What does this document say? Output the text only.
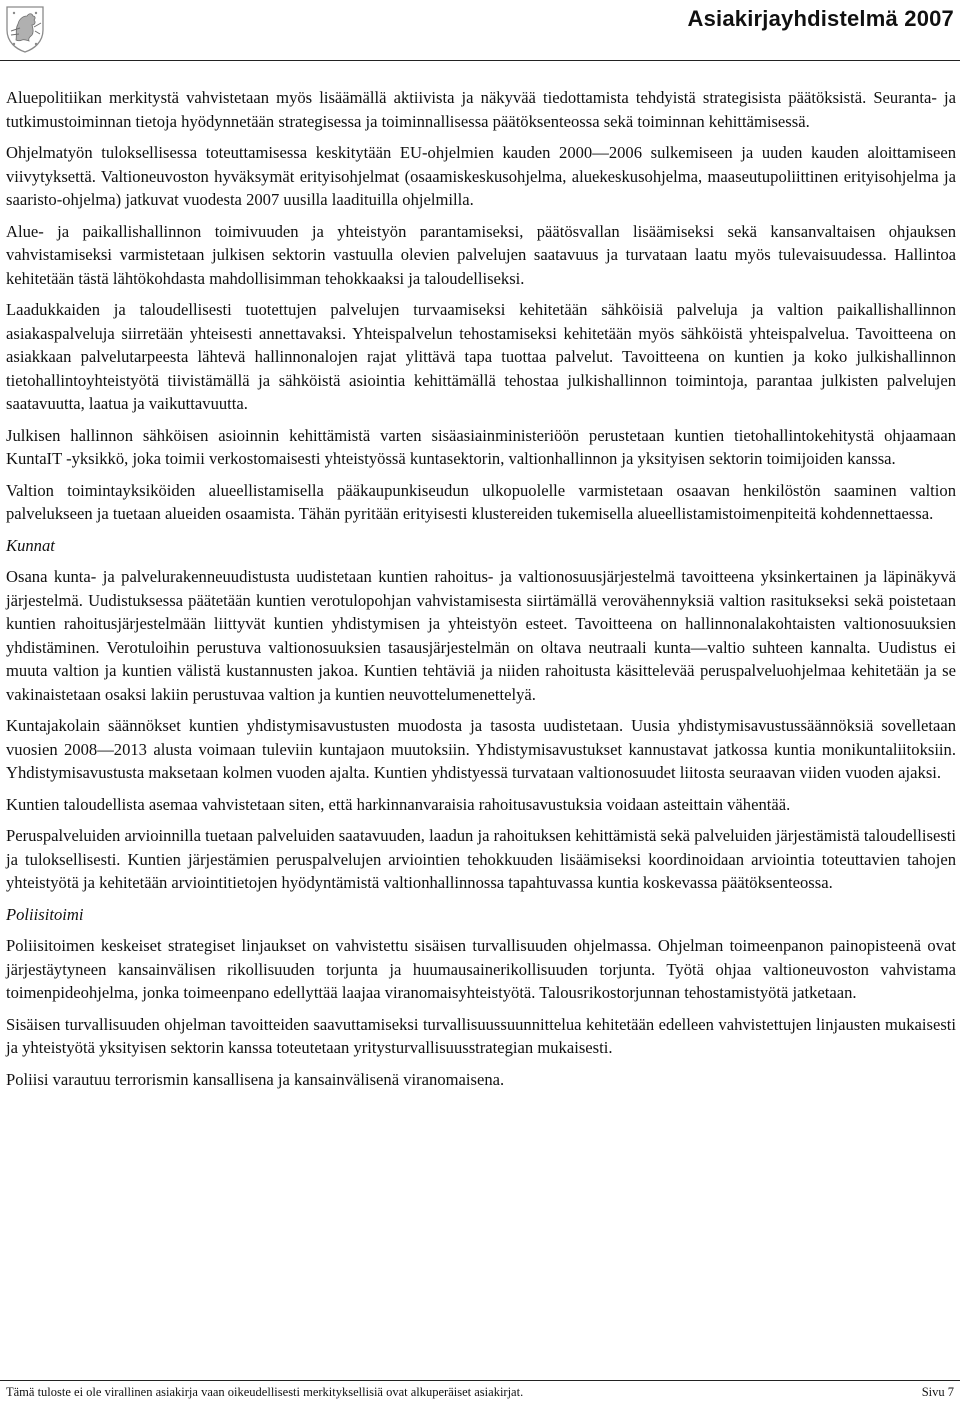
Asiakirjayhdistelmä 2007

Aluepolitiikan merkitystä vahvistetaan myös lisäämällä aktiivista ja näkyvää tiedottamista tehdyistä strategisista päätöksistä. Seuranta- ja tutkimustoiminnan tietoja hyödynnetään strategisessa ja toiminnallisessa päätöksenteossa sekä toiminnan kehittämisessä.

Ohjelmatyön tuloksellisessa toteuttamisessa keskitytään EU-ohjelmien kauden 2000—2006 sulkemiseen ja uuden kauden aloittamiseen viivytyksettä. Valtioneuvoston hyväksymät erityisohjelmat (osaamiskeskusohjelma, aluekeskusohjelma, maaseutupoliittinen erityisohjelma ja saaristo-ohjelma) jatkuvat vuodesta 2007 uusilla laadituilla ohjelmilla.

Alue- ja paikallishallinnon toimivuuden ja yhteistyön parantamiseksi, päätösvallan lisäämiseksi sekä kansanvaltaisen ohjauksen vahvistamiseksi varmistetaan julkisen sektorin vastuulla olevien palvelujen saatavuus ja turvataan laatu myös tulevaisuudessa. Hallintoa kehitetään tästä lähtökohdasta mahdollisimman tehokkaaksi ja taloudelliseksi.

Laadukkaiden ja taloudellisesti tuotettujen palvelujen turvaamiseksi kehitetään sähköisiä palveluja ja valtion paikallishallinnon asiakaspalveluja siirretään yhteisesti annettavaksi. Yhteispalvelun tehostamiseksi kehitetään myös sähköistä yhteispalvelua. Tavoitteena on asiakkaan palvelutarpeesta lähtevä hallinnonalojen rajat ylittävä tapa tuottaa palvelut. Tavoitteena on kuntien ja koko julkishallinnon tietohallintoyhteistyötä tiivistämällä ja sähköistä asiointia kehittämällä tehostaa julkishallinnon toimintoja, parantaa julkisten palvelujen saatavuutta, laatua ja vaikuttavuutta.

Julkisen hallinnon sähköisen asioinnin kehittämistä varten sisäasiainministeriöön perustetaan kuntien tietohallintokehitystä ohjaamaan KuntaIT -yksikkö, joka toimii verkostomaisesti yhteistyössä kuntasektorin, valtionhallinnon ja yksityisen sektorin toimijoiden kanssa.

Valtion toimintayksiköiden alueellistamisella pääkaupunkiseudun ulkopuolelle varmistetaan osaavan henkilöstön saaminen valtion palvelukseen ja tuetaan alueiden osaamista. Tähän pyritään erityisesti klustereiden tukemisella alueellistamistoimenpiteitä kohdennettaessa.

Kunnat

Osana kunta- ja palvelurakenneuudistusta uudistetaan kuntien rahoitus- ja valtionosuusjärjestelmä tavoitteena yksinkertainen ja läpinäkyvä järjestelmä. Uudistuksessa päätetään kuntien verotulopohjan vahvistamisesta siirtämällä verovähennyksiä valtion rasitukseksi sekä poistetaan kuntien rahoitusjärjestelmään liittyvät kuntien yhdistymisen ja yhteistyön esteet. Tavoitteena on hallinnonalakohtaisten valtionosuuksien yhdistäminen. Verotuloihin perustuva valtionosuuksien tasausjärjestelmän on oltava neutraali kunta—valtio suhteen kannalta. Uudistus ei muuta valtion ja kuntien välistä kustannusten jakoa. Kuntien tehtäviä ja niiden rahoitusta käsittelevää peruspalveluohjelmaa kehitetään ja se vakinaistetaan osaksi lakiin perustuvaa valtion ja kuntien neuvottelumenettelyä.

Kuntajakolain säännökset kuntien yhdistymisavustusten muodosta ja tasosta uudistetaan. Uusia yhdistymisavustussäännöksiä sovelletaan vuosien 2008—2013 alusta voimaan tuleviin kuntajaon muutoksiin. Yhdistymisavustukset kannustavat jatkossa kuntia monikuntaliitoksiin. Yhdistymisavustusta maksetaan kolmen vuoden ajalta. Kuntien yhdistyessä turvataan valtionosuudet liitosta seuraavan viiden vuoden ajaksi.

Kuntien taloudellista asemaa vahvistetaan siten, että harkinnanvaraisia rahoitusavustuksia voidaan asteittain vähentää.

Peruspalveluiden arvioinnilla tuetaan palveluiden saatavuuden, laadun ja rahoituksen kehittämistä sekä palveluiden järjestämistä taloudellisesti ja tuloksellisesti. Kuntien järjestämien peruspalvelujen arviointien tehokkuuden lisäämiseksi koordinoidaan arviointia toteuttavien tahojen yhteistyötä ja kehitetään arviointitietojen hyödyntämistä valtionhallinnossa tapahtuvassa kuntia koskevassa päätöksenteossa.

Poliisitoimi

Poliisitoimen keskeiset strategiset linjaukset on vahvistettu sisäisen turvallisuuden ohjelmassa. Ohjelman toimeenpanon painopisteenä ovat järjestäytyneen kansainvälisen rikollisuuden torjunta ja huumausainerikollisuuden torjunta. Työtä ohjaa valtioneuvoston vahvistama toimenpideohjelma, jonka toimeenpano edellyttää laajaa viranomaisyhteistyötä. Talousrikostorjunnan tehostamistyötä jatketaan.

Sisäisen turvallisuuden ohjelman tavoitteiden saavuttamiseksi turvallisuussuunnittelua kehitetään edelleen vahvistettujen linjausten mukaisesti ja yhteistyötä yksityisen sektorin kanssa toteutetaan yritysturvallisuusstrategian mukaisesti.

Poliisi varautuu terrorismin kansallisena ja kansainvälisenä viranomaisena.

Tämä tuloste ei ole virallinen asiakirja vaan oikeudellisesti merkityksellisiä ovat alkuperäiset asiakirjat.	Sivu 7
